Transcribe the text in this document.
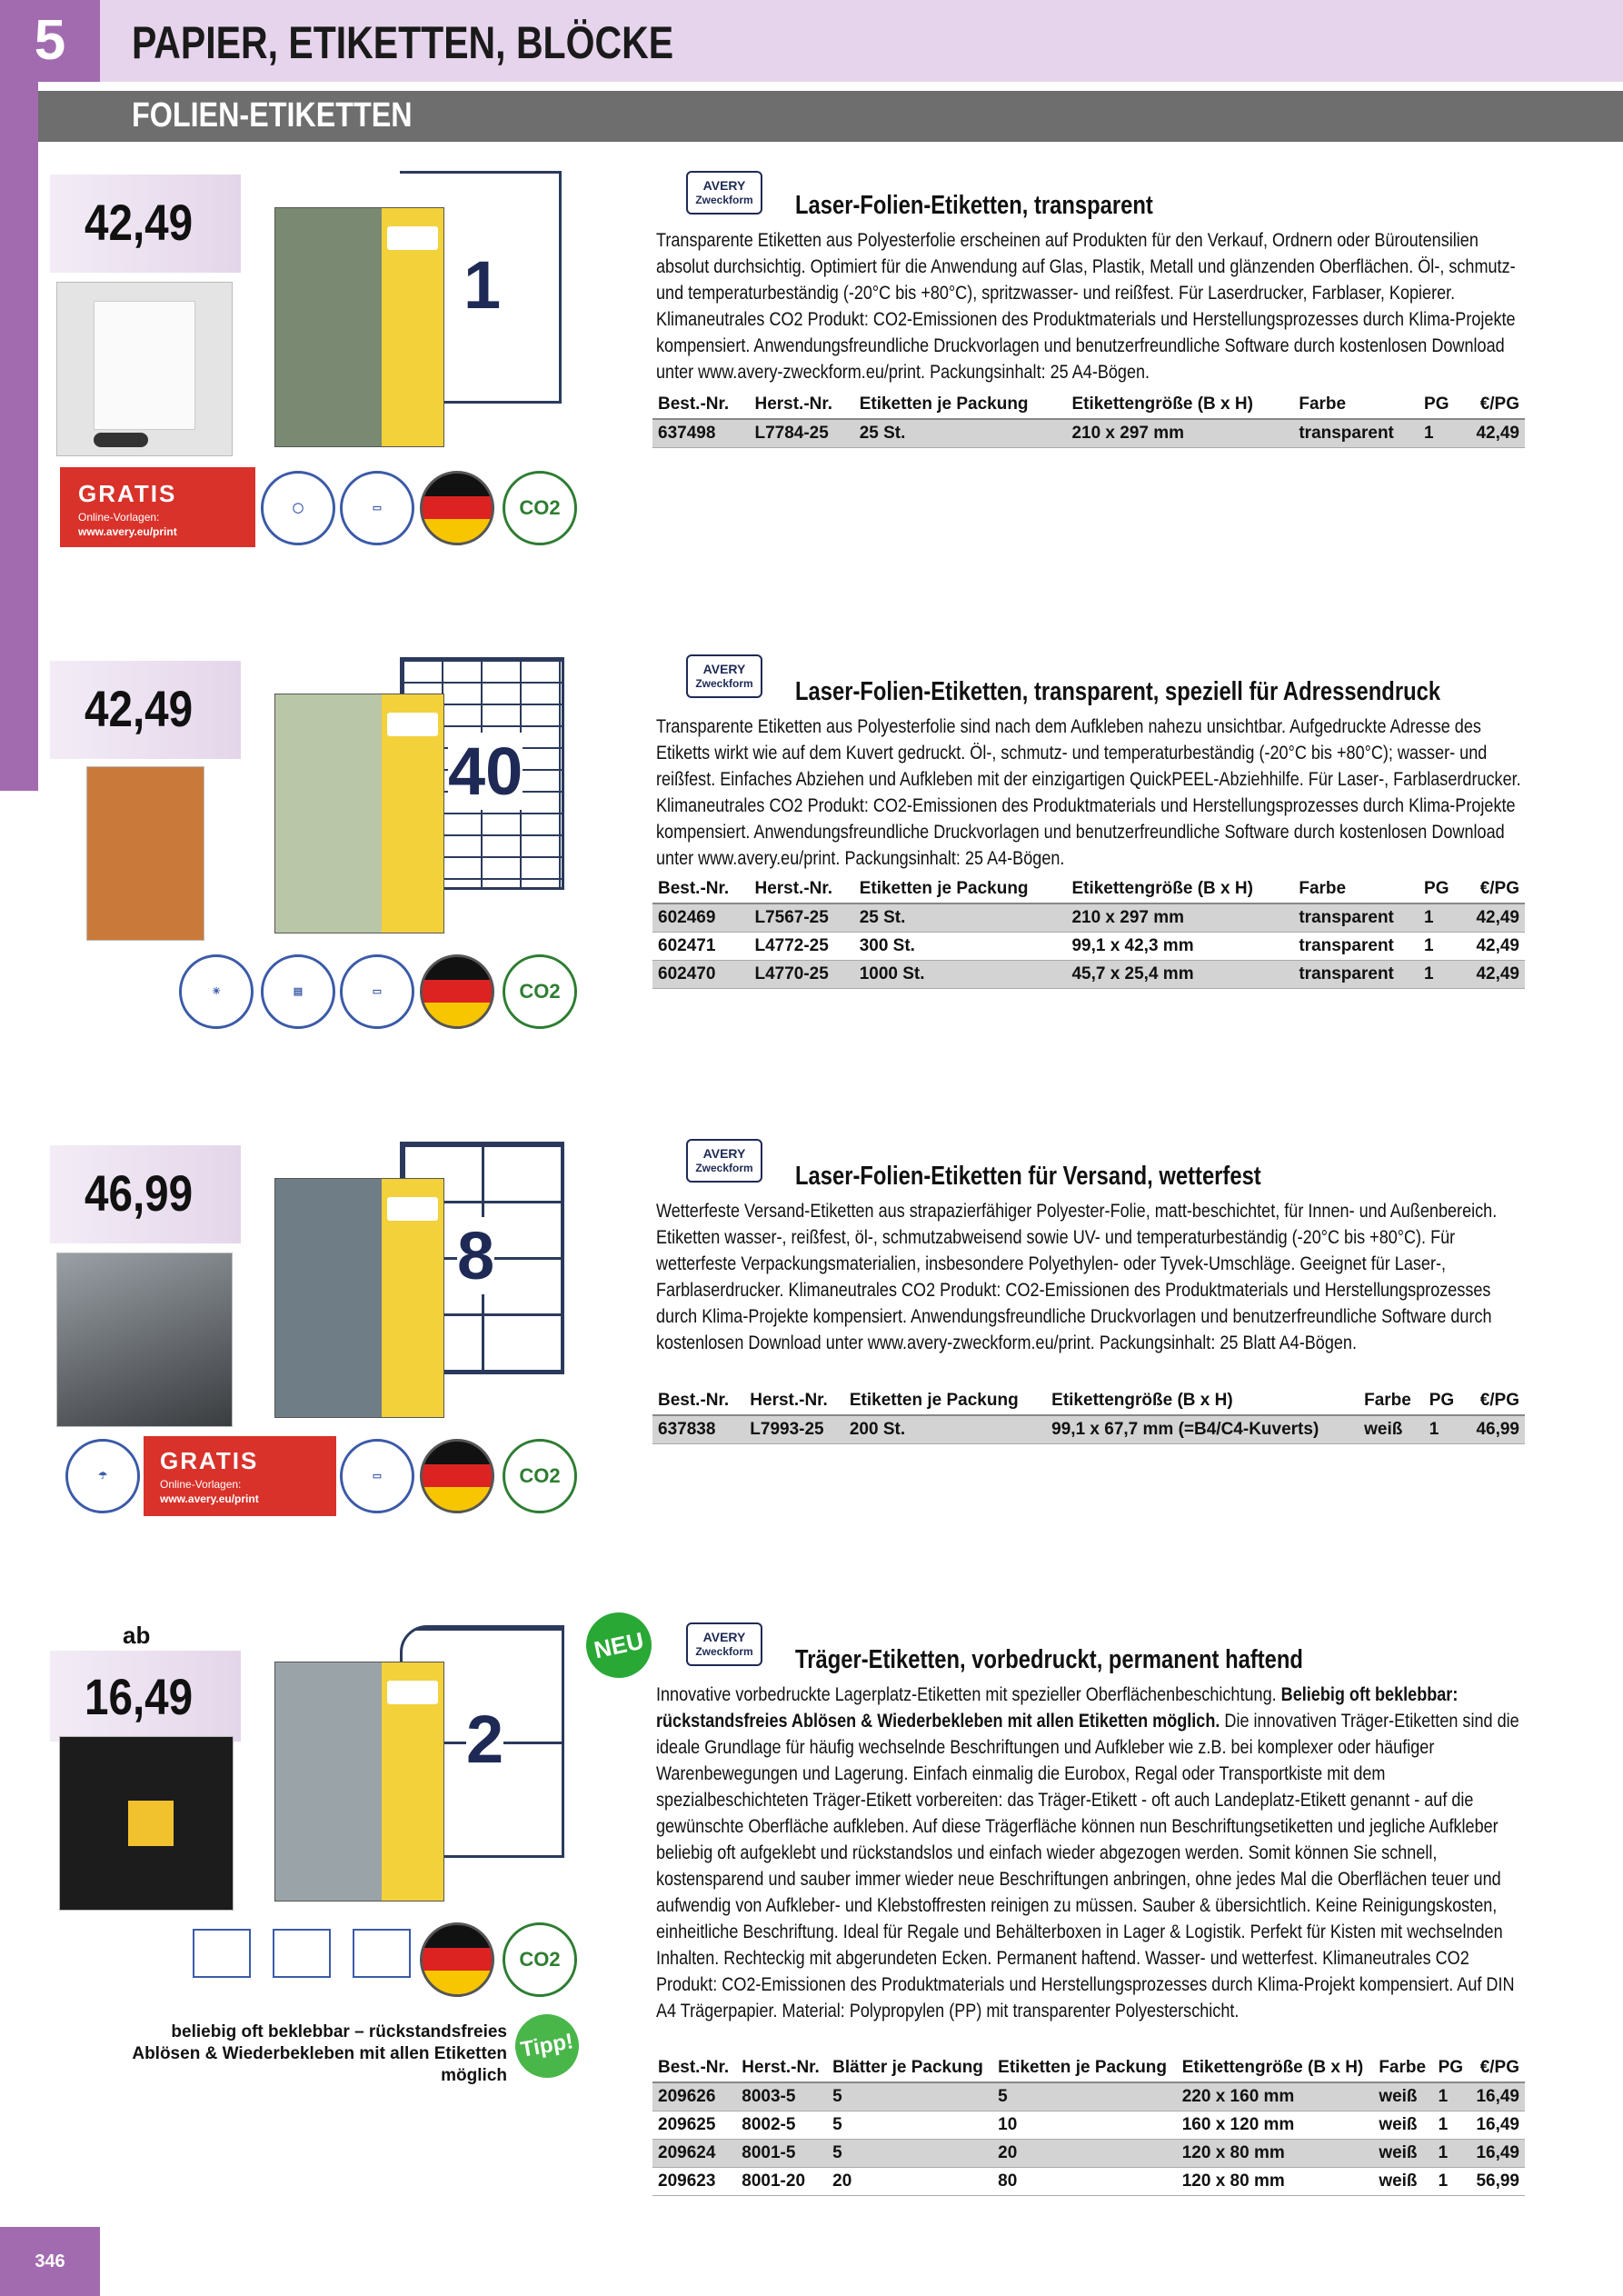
5	PAPIER, ETIKETTEN, BLÖCKE
FOLIEN-ETIKETTEN
42,49
1
GRATIS
Online-Vorlagen:
www.avery.eu/print
◯	▭	CO2
AVERY
Zweckform Laser-Folien-Etiketten, transparent
Transparente Etiketten aus Polyesterfolie erscheinen auf Produkten für den Verkauf, Ordnern oder Büroutensilien absolut durchsichtig. Optimiert für die Anwendung auf Glas, Plastik, Metall und glänzenden Oberflächen. Öl-, schmutz- und temperaturbeständig (-20°C bis +80°C), spritzwasser- und reißfest. Für Laserdrucker, Farblaser, Kopierer. Klimaneutrales CO2 Produkt: CO2-Emissionen des Produktmaterials und Herstellungsprozesses durch Klima-Projekte kompensiert. Anwendungsfreundliche Druckvorlagen und benutzerfreundliche Software durch kostenlosen Download unter www.avery-zweckform.eu/print. Packungsinhalt: 25 A4-Bögen.
Best.-Nr.	Herst.-Nr.	Etiketten je Packung	Etikettengröße (B x H)	Farbe	PG	€/PG
637498	L7784-25	25 St.	210 x 297 mm	transparent	1	42,49
42,49
40
☀	▤	▭	CO2
AVERY
Zweckform Laser-Folien-Etiketten, transparent, speziell für Adressendruck
Transparente Etiketten aus Polyesterfolie sind nach dem Aufkleben nahezu unsichtbar. Aufgedruckte Adresse des Etiketts wirkt wie auf dem Kuvert gedruckt. Öl-, schmutz- und temperaturbeständig (-20°C bis +80°C); wasser- und reißfest. Einfaches Abziehen und Aufkleben mit der einzigartigen QuickPEEL-Abziehhilfe. Für Laser-, Farblaserdrucker. Klimaneutrales CO2 Produkt: CO2-Emissionen des Produktmaterials und Herstellungsprozesses durch Klima-Projekte kompensiert. Anwendungsfreundliche Druckvorlagen und benutzerfreundliche Software durch kostenlosen Download unter www.avery.eu/print. Packungsinhalt: 25 A4-Bögen.
Best.-Nr.	Herst.-Nr.	Etiketten je Packung	Etikettengröße (B x H)	Farbe	PG	€/PG
602469	L7567-25	25 St.	210 x 297 mm	transparent	1	42,49
602471	L4772-25	300 St.	99,1 x 42,3 mm	transparent	1	42,49
602470	L4770-25	1000 St.	45,7 x 25,4 mm	transparent	1	42,49
46,99
8
☂
GRATIS
Online-Vorlagen:
www.avery.eu/print
▭	CO2
AVERY
Zweckform Laser-Folien-Etiketten für Versand, wetterfest
Wetterfeste Versand-Etiketten aus strapazierfähiger Polyester-Folie, matt-beschichtet, für Innen- und Außenbereich. Etiketten wasser-, reißfest, öl-, schmutzabweisend sowie UV- und temperaturbeständig (-20°C bis +80°C). Für wetterfeste Verpackungsmaterialien, insbesondere Polyethylen- oder Tyvek-Umschläge. Geeignet für Laser-, Farblaserdrucker. Klimaneutrales CO2 Produkt: CO2-Emissionen des Produktmaterials und Herstellungsprozesses durch Klima-Projekte kompensiert. Anwendungsfreundliche Druckvorlagen und benutzerfreundliche Software durch kostenlosen Download unter www.avery-zweckform.eu/print. Packungsinhalt: 25 Blatt A4-Bögen.
Best.-Nr.	Herst.-Nr.	Etiketten je Packung	Etikettengröße (B x H)	Farbe	PG	€/PG
637838	L7993-25	200 St.	99,1 x 67,7 mm (=B4/C4-Kuverts)	weiß	1	46,99
ab
16,49
2
NEU
CO2
beliebig oft beklebbar – rückstandsfreies Ablösen & Wiederbekleben mit allen Etiketten möglich
Tipp!
AVERY
Zweckform Träger-Etiketten, vorbedruckt, permanent haftend
Innovative vorbedruckte Lagerplatz-Etiketten mit spezieller Oberflächenbeschichtung. Beliebig oft beklebbar: rückstandsfreies Ablösen & Wiederbekleben mit allen Etiketten möglich. Die innovativen Träger-Etiketten sind die ideale Grundlage für häufig wechselnde Beschriftungen und Aufkleber wie z.B. bei komplexer oder häufiger Warenbewegungen und Lagerung. Einfach einmalig die Eurobox, Regal oder Transportkiste mit dem spezialbeschichteten Träger-Etikett vorbereiten: das Träger-Etikett - oft auch Landeplatz-Etikett genannt - auf die gewünschte Oberfläche aufkleben. Auf diese Trägerfläche können nun Beschriftungsetiketten und jegliche Aufkleber beliebig oft aufgeklebt und rückstandslos und einfach wieder abgezogen werden. Somit können Sie schnell, kostensparend und sauber immer wieder neue Beschriftungen anbringen, ohne jedes Mal die Oberflächen teuer und aufwendig von Aufkleber- und Klebstoffresten reinigen zu müssen. Sauber & übersichtlich. Keine Reinigungskosten, einheitliche Beschriftung. Ideal für Regale und Behälterboxen in Lager & Logistik. Perfekt für Kisten mit wechselnden Inhalten. Rechteckig mit abgerundeten Ecken. Permanent haftend. Wasser- und wetterfest. Klimaneutrales CO2 Produkt: CO2-Emissionen des Produktmaterials und Herstellungsprozesses durch Klima-Projekt kompensiert. Auf DIN A4 Trägerpapier. Material: Polypropylen (PP) mit transparenter Polyesterschicht.
Best.-Nr.	Herst.-Nr.	Blätter je Packung	Etiketten je Packung	Etikettengröße (B x H)	Farbe	PG	€/PG
209626	8003-5	5	5	220 x 160 mm	weiß	1	16,49
209625	8002-5	5	10	160 x 120 mm	weiß	1	16,49
209624	8001-5	5	20	120 x 80 mm	weiß	1	16,49
209623	8001-20	20	80	120 x 80 mm	weiß	1	56,99
346
